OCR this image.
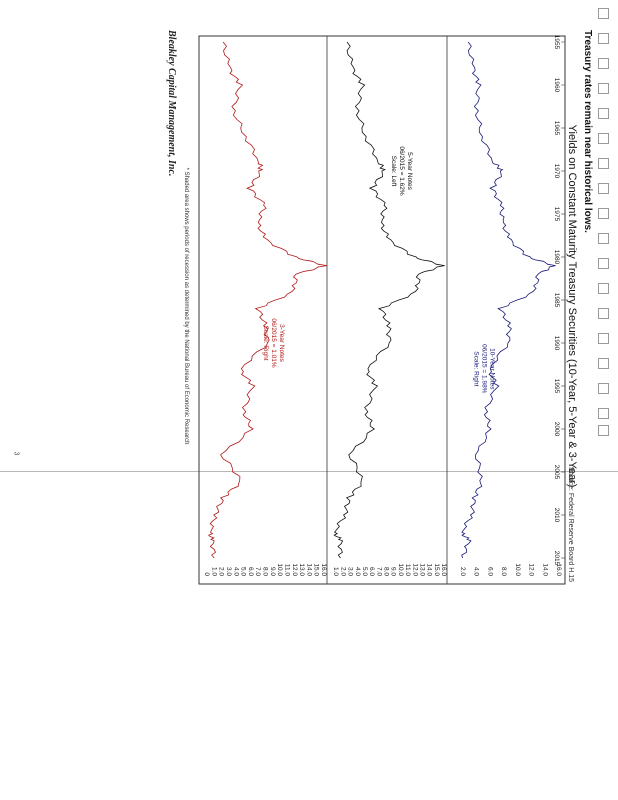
3
Treasury rates remain near historical lows.
Yields on Constant Maturity Treasury Securities (10-Year, 5-Year & 3-Year)
Source: Federal Reserve Board H.15
2.0 4.0 6.0 8.0 10.0 12.0 14.0 16.0
10-Year Notes
06/2015 = 1.98%
Scale: Right
1.0 2.0 3.0 4.0 5.0 6.0 7.0 8.0 9.0 10.0 11.0 12.0 13.0 14.0 15.0 16.0
5-Year Notes
06/2015 = 1.62%
Scale: Left
0 1.0 2.0 3.0 4.0 5.0 6.0 7.0 8.0 9.0 10.0 11.0 12.0 13.0 14.0 15.0 16.0
3-Year Notes
06/2015 = 1.01%
Scale: Right
1955
1960
1965
1970
1975
1980
1985
1990
1995
2000
2005
2010
2015
* Shaded area shows periods of recession as determined by the National Bureau of Economic Research
Bleakley Capital Management, Inc.
